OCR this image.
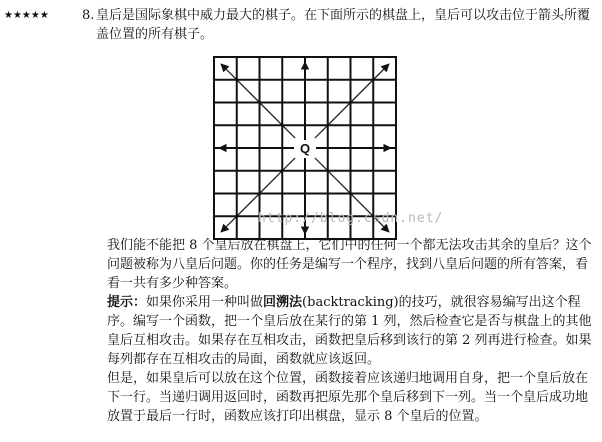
★★★★★	8. 皇后是国际象棋中威力最大的棋子。在下面所示的棋盘上，皇后可以攻击位于箭头所覆盖位置的所有棋子。
Q
http://blog.csdn.net/

我们能不能把 8 个皇后放在棋盘上，它们中的任何一个都无法攻击其余的皇后？这个问题被称为八皇后问题。你的任务是编写一个程序，找到八皇后问题的所有答案，看看一共有多少种答案。

提示：如果你采用一种叫做回溯法(backtracking)的技巧，就很容易编写出这个程序。编写一个函数，把一个皇后放在某行的第 1 列，然后检查它是否与棋盘上的其他皇后互相攻击。如果存在互相攻击，函数把皇后移到该行的第 2 列再进行检查。如果每列都存在互相攻击的局面，函数就应该返回。

但是，如果皇后可以放在这个位置，函数接着应该递归地调用自身，把一个皇后放在下一行。当递归调用返回时，函数再把原先那个皇后移到下一列。当一个皇后成功地放置于最后一行时，函数应该打印出棋盘，显示 8 个皇后的位置。
